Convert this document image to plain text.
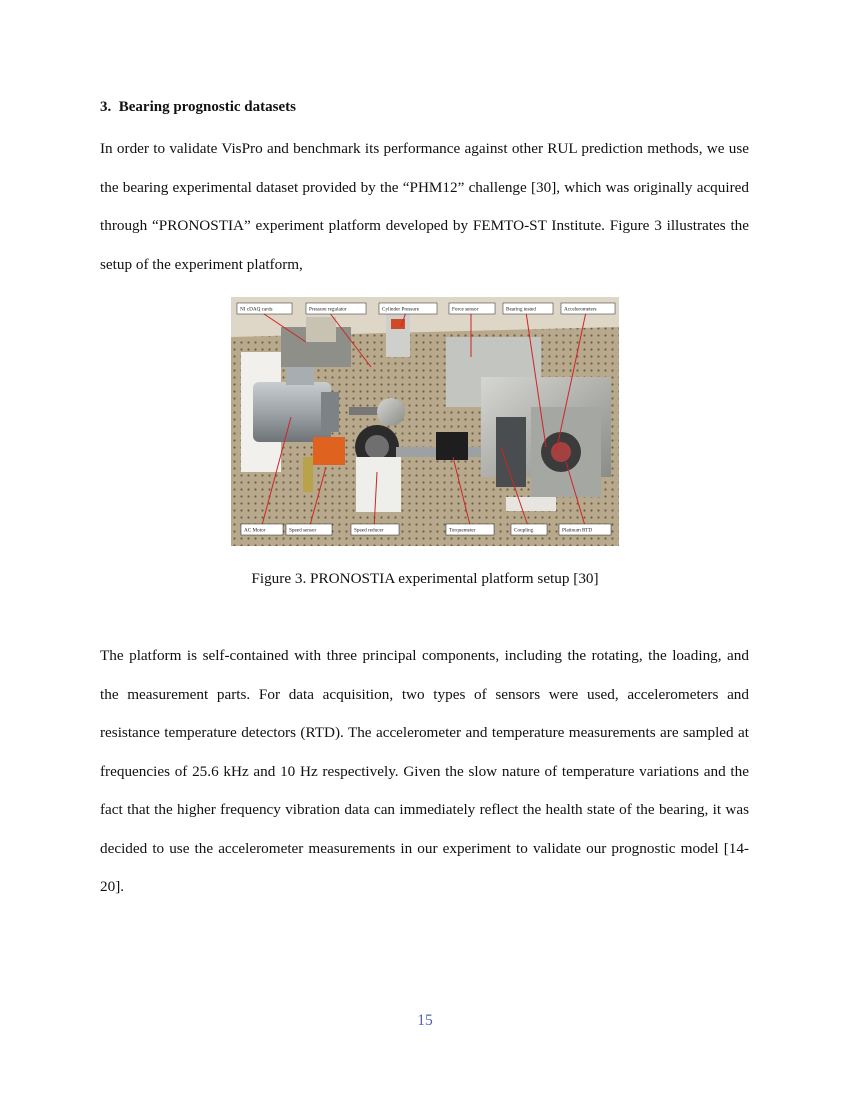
3. Bearing prognostic datasets

In order to validate VisPro and benchmark its performance against other RUL prediction methods, we use the bearing experimental dataset provided by the “PHM12” challenge [30], which was originally acquired through “PRONOSTIA” experiment platform developed by FEMTO-ST Institute. Figure 3 illustrates the setup of the experiment platform,

NI cDAQ cards	Pressure regulator	Cylinder Pressure	Force sensor	Bearing tested	Accelerometers
AC Motor	Speed sensor	Speed reducer	Torquemeter	Coupling	Platinum RTD

Figure 3. PRONOSTIA experimental platform setup [30]

The platform is self-contained with three principal components, including the rotating, the loading, and the measurement parts. For data acquisition, two types of sensors were used, accelerometers and resistance temperature detectors (RTD). The accelerometer and temperature measurements are sampled at frequencies of 25.6 kHz and 10 Hz respectively. Given the slow nature of temperature variations and the fact that the higher frequency vibration data can immediately reflect the health state of the bearing, it was decided to use the accelerometer measurements in our experiment to validate our prognostic model [14-20].

15
